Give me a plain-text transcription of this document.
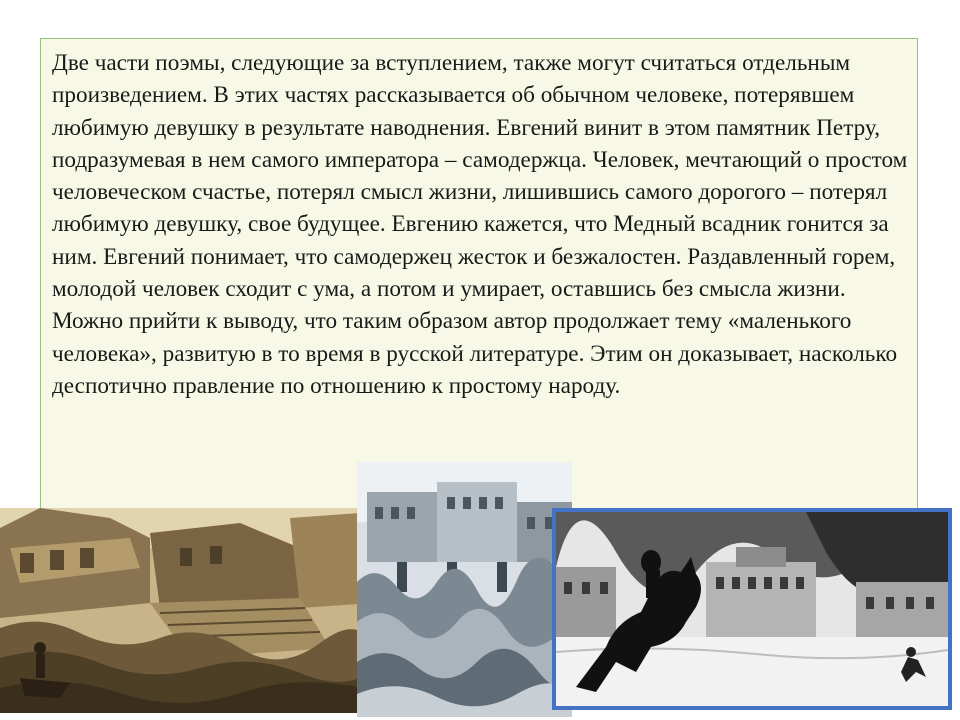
Две части поэмы, следующие за вступлением, также могут считаться отдельным произведением. В этих частях рассказывается об обычном человеке, потерявшем любимую девушку в результате наводнения. Евгений винит в этом памятник Петру, подразумевая в нем самого императора – самодержца. Человек, мечтающий о простом человеческом счастье, потерял смысл жизни, лишившись самого дорогого – потерял любимую девушку, свое будущее. Евгению кажется, что Медный всадник гонится за ним. Евгений понимает, что самодержец жесток и безжалостен. Раздавленный горем, молодой человек сходит с ума, а потом и умирает, оставшись без смысла жизни.

Можно прийти к выводу, что таким образом автор продолжает тему «маленького человека», развитую в то время в русской литературе. Этим он доказывает, насколько деспотично правление по отношению к простому народу.
